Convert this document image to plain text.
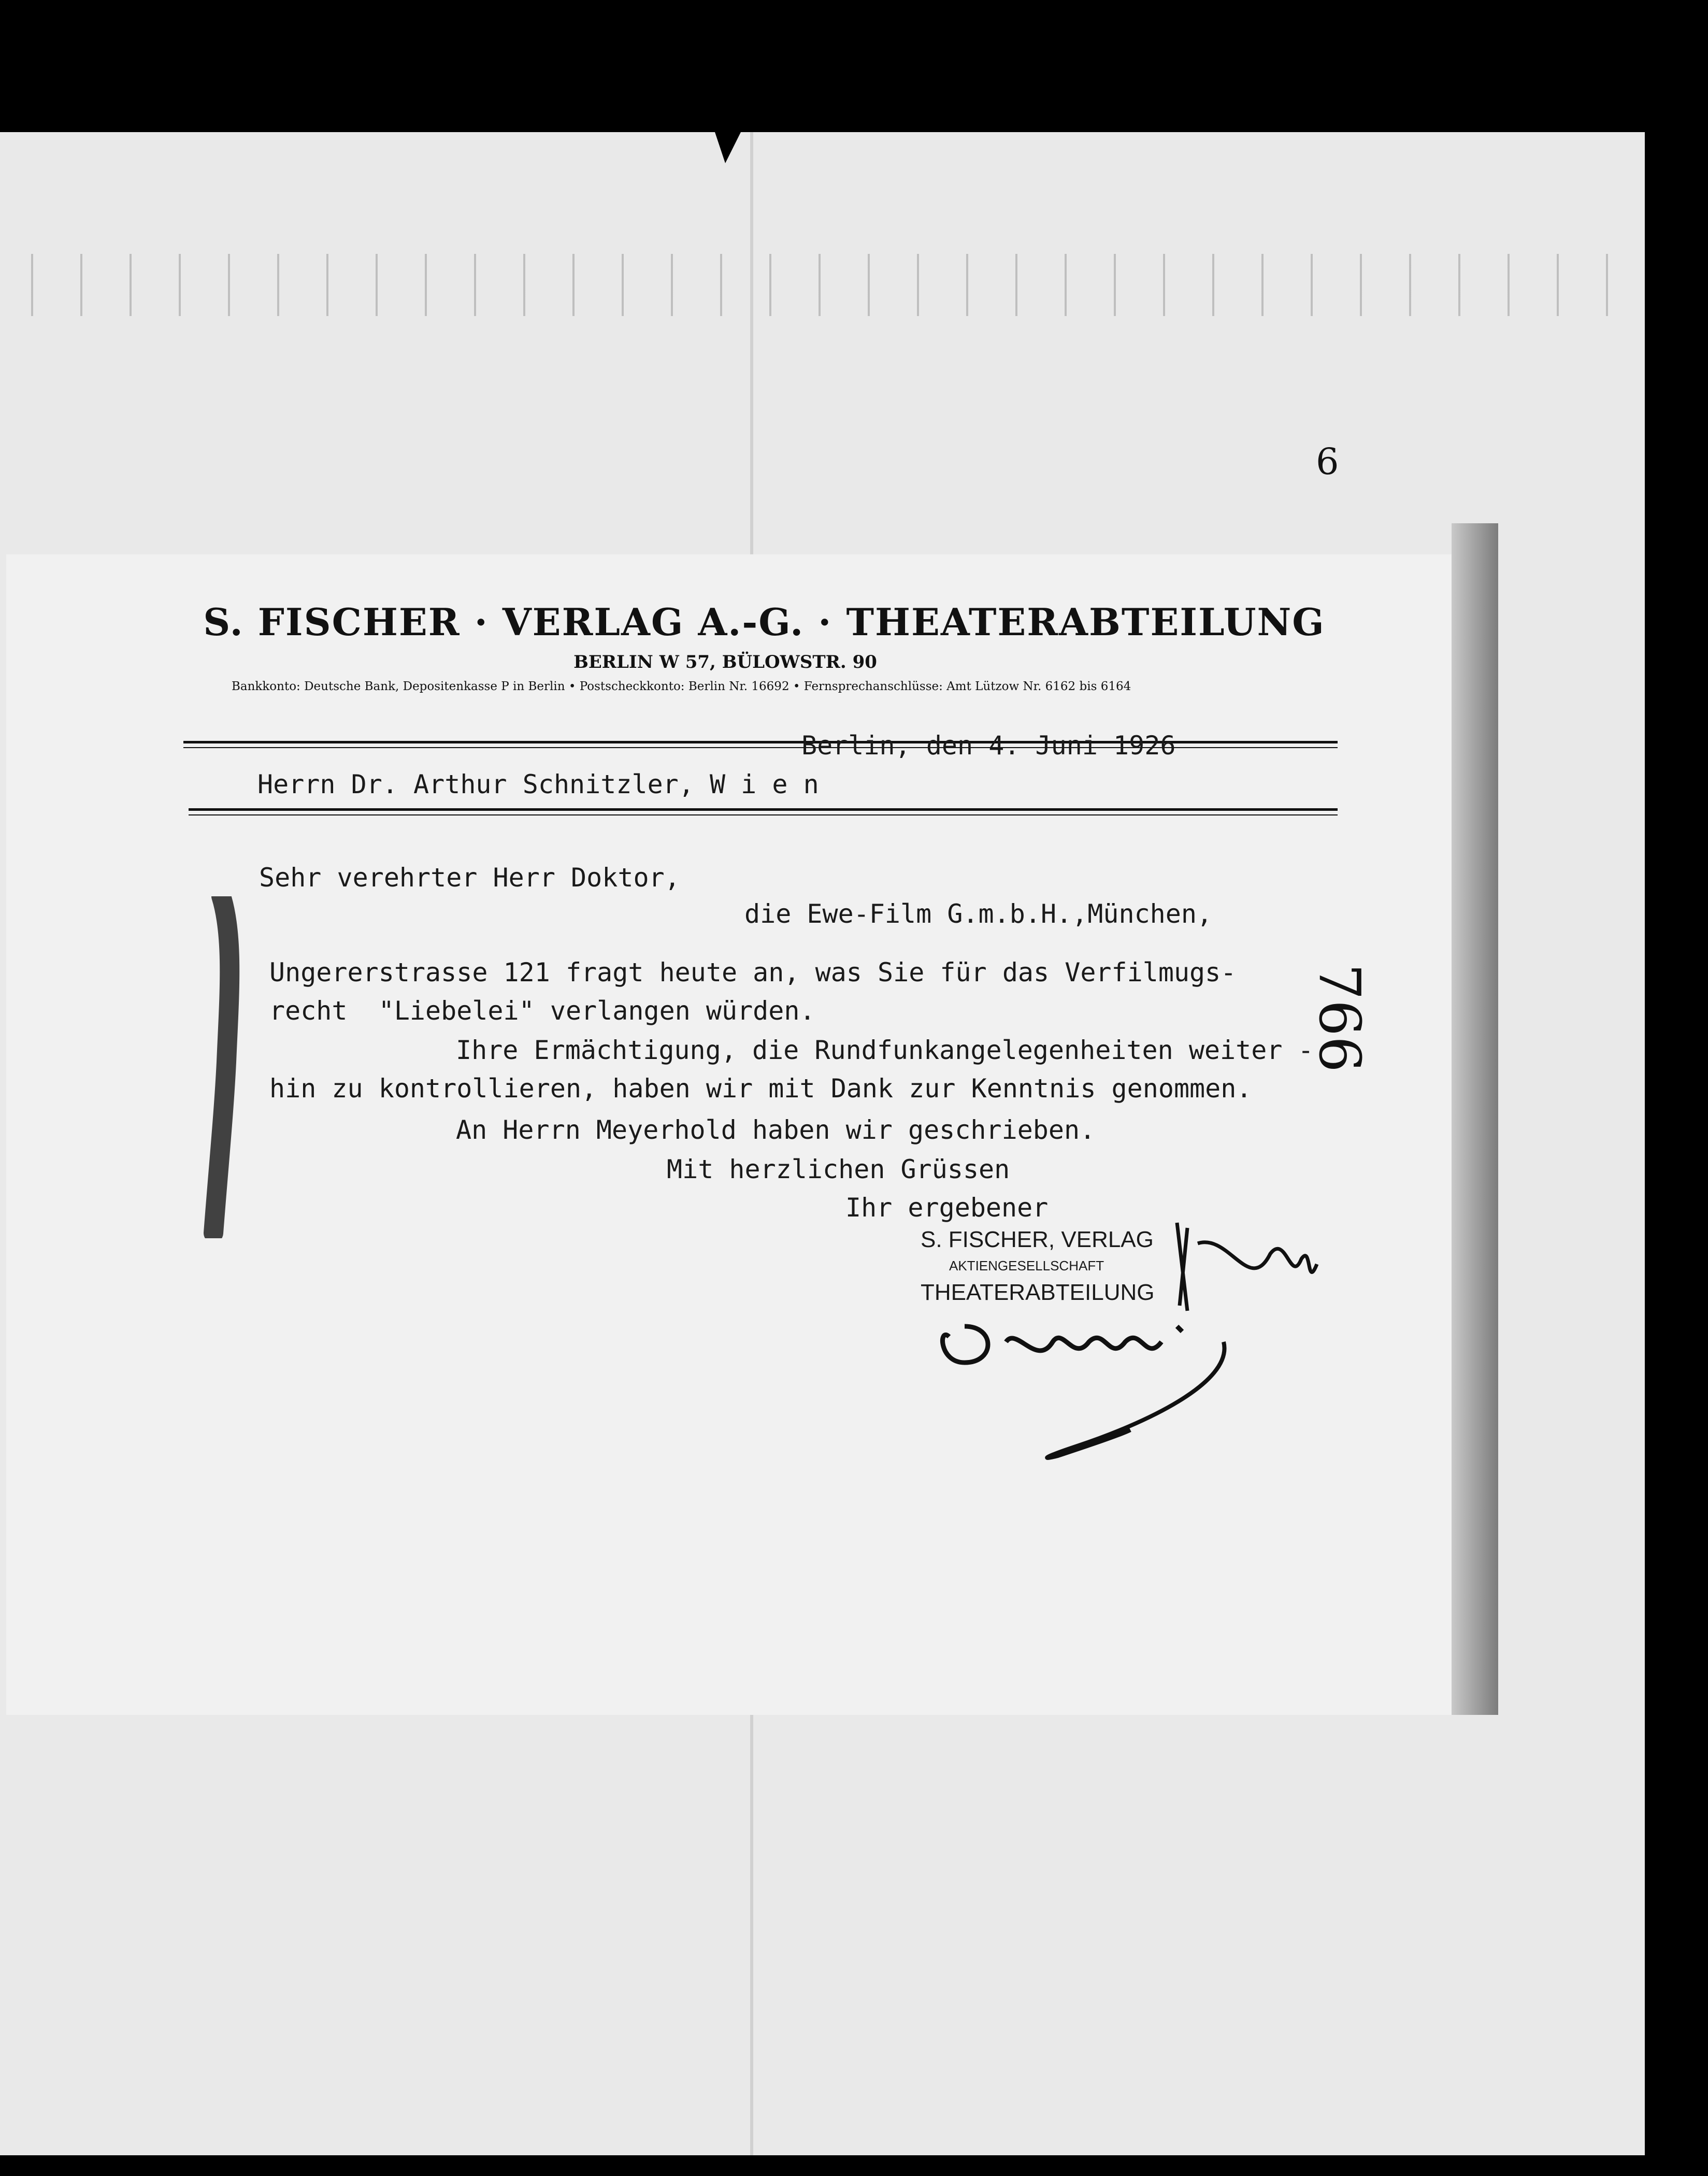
6
S. FISCHER · VERLAG A.-G. · THEATERABTEILUNG
BERLIN W 57, BÜLOWSTR. 90
Bankkonto: Deutsche Bank, Depositenkasse P in Berlin • Postscheckkonto: Berlin Nr. 16692 • Fernsprechanschlüsse: Amt Lützow Nr. 6162 bis 6164
Berlin, den 4. Juni 1926
Herrn Dr. Arthur Schnitzler, W i e n
Sehr verehrter Herr Doktor,
die Ewe-Film G.m.b.H.,München,
Ungererstrasse 121 fragt heute an, was Sie für das Verfilmugs-
recht  "Liebelei" verlangen würden.
Ihre Ermächtigung, die Rundfunkangelegenheiten weiter -
hin zu kontrollieren, haben wir mit Dank zur Kenntnis genommen.
An Herrn Meyerhold haben wir geschrieben.
Mit herzlichen Grüssen
Ihr ergebener
S. FISCHER, VERLAG
AKTIENGESELLSCHAFT
THEATERABTEILUNG
766
